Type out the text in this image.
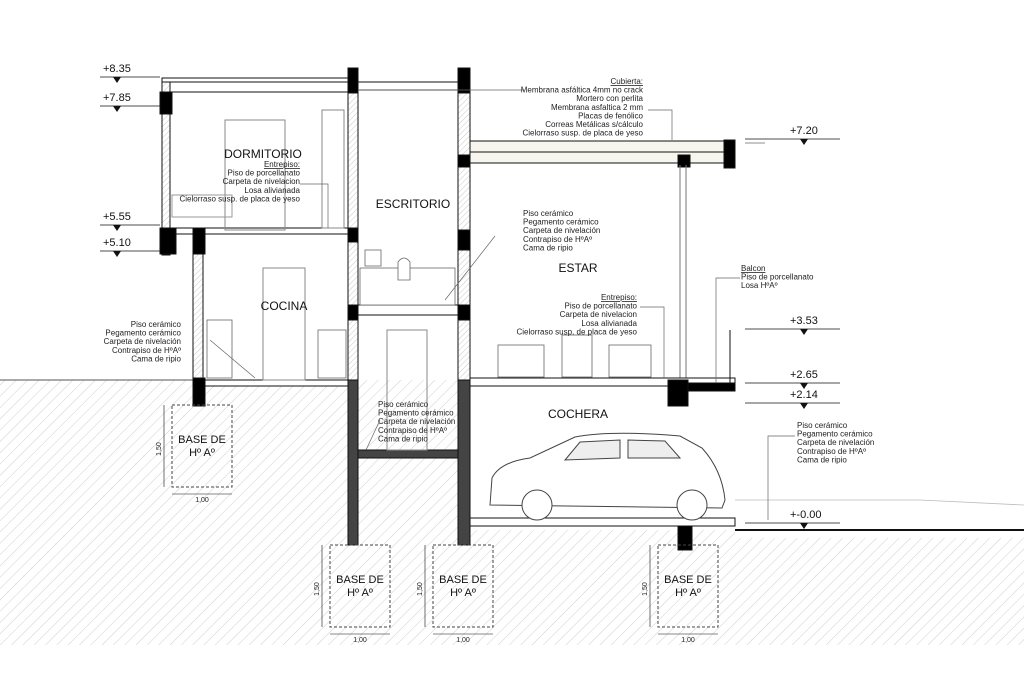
+8.35
+7.85
+5.55
+5.10
+7.20
+3.53
+2.65
+2.14
+-0.00
DORMITORIO
ESCRITORIO
COCINA
ESTAR
COCHERA
Cubierta:
Membrana asfáltica 4mm no crack
Mortero con perlita
Membrana asfaltica 2 mm
Placas de fenólico
Correas Metálicas s/cálculo
Cielorraso susp. de placa de yeso
Entrepiso:
Piso de porcellanato
Carpeta de nivelacion
Losa alivianada
Cielorraso susp. de placa de yeso
Piso cerámico
Pegamento cerámico
Carpeta de nivelación
Contrapiso de HºAº
Cama de ripio
Entrepiso:
Piso de porcellanato
Carpeta de nivelacion
Losa alivianada
Cielorraso susp. de placa de yeso
Balcon
Piso de porcellanato
Losa HºAº
Piso cerámico
Pegamento cerámico
Carpeta de nivelación
Contrapiso de HºAº
Cama de ripio
Piso cerámico
Pegamento cerámico
Carpeta de nivelación
Contrapiso de HºAº
Cama de ripio
Piso cerámico
Pegamento cerámico
Carpeta de nivelación
Contrapiso de HºAº
Cama de ripio
BASE DE
Hº Aº
1,00
1,50
BASE DE
Hº Aº
1,00
1,50
BASE DE
Hº Aº
1,00
1,50
BASE DE
Hº Aº
1,00
1,50
